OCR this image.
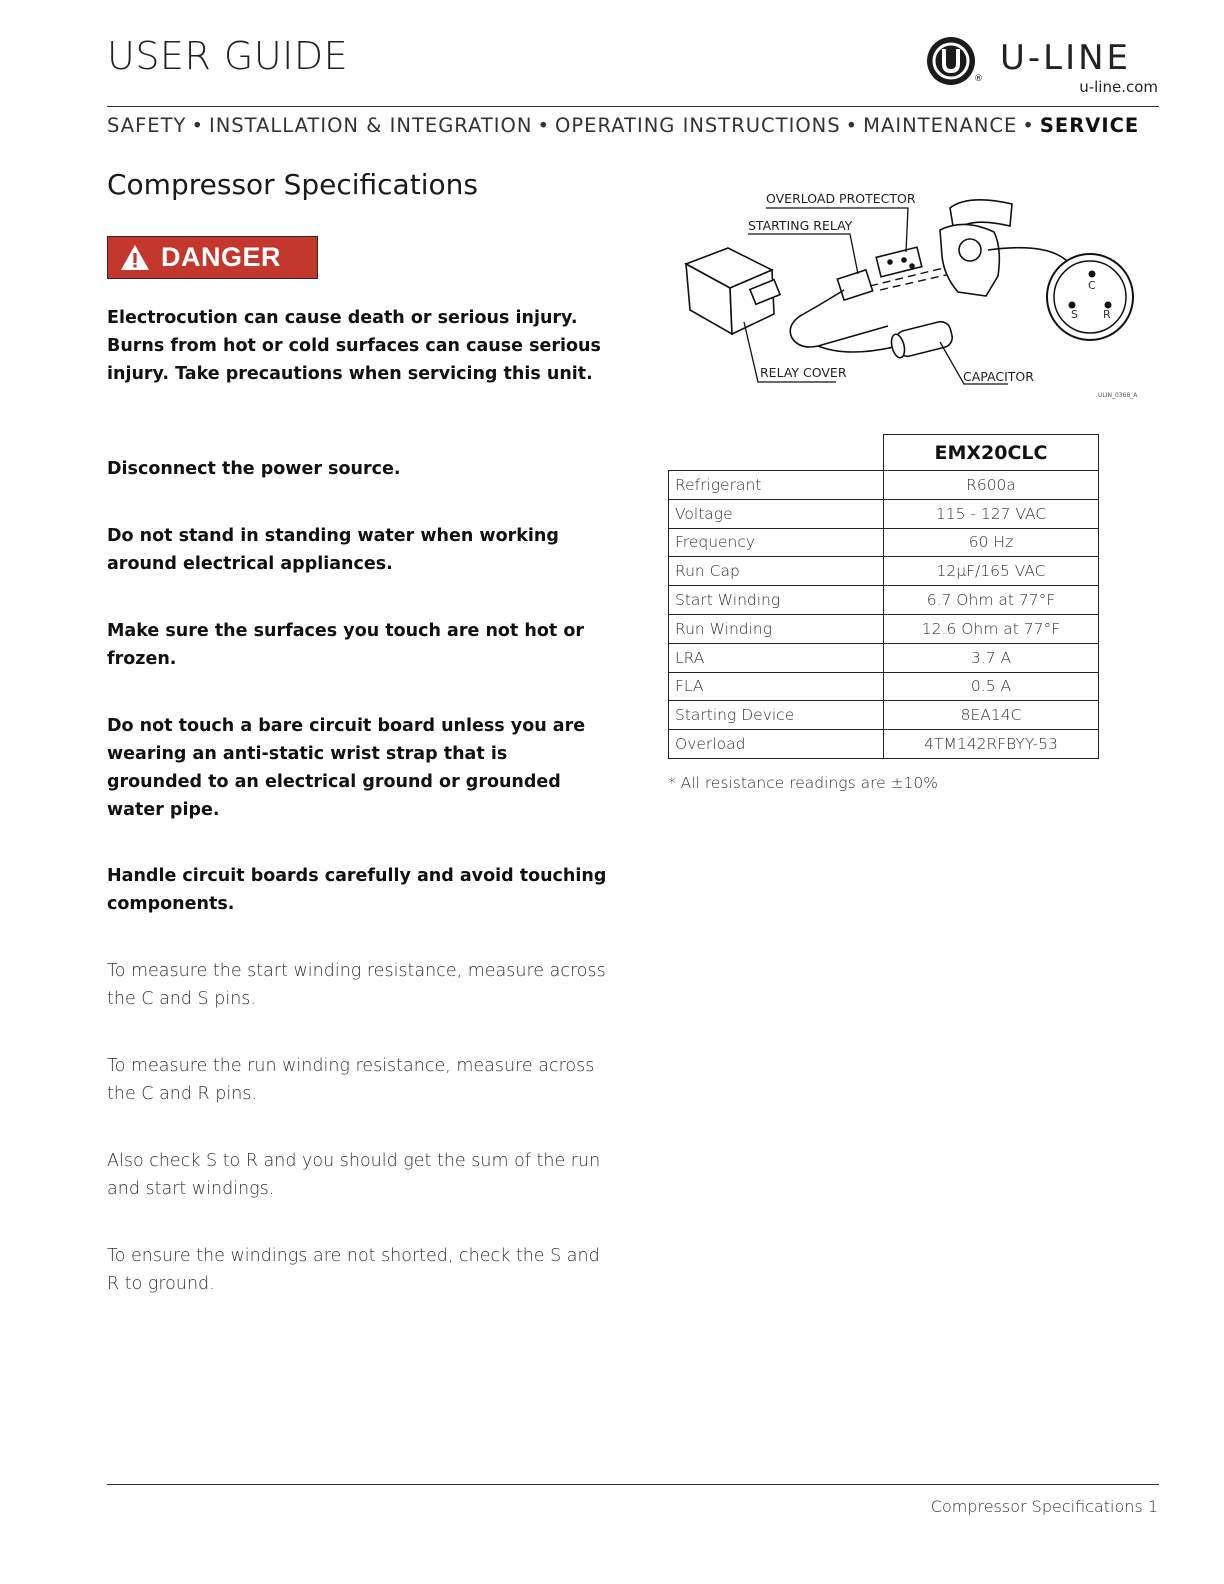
USER GUIDE
®
U-LINE
u-line.com
SAFETY • INSTALLATION & INTEGRATION • OPERATING INSTRUCTIONS • MAINTENANCE • SERVICE
Compressor Specifications
DANGER
Electrocution can cause death or serious injury. Burns from hot or cold surfaces can cause serious injury. Take precautions when servicing this unit.
Disconnect the power source.
Do not stand in standing water when working around electrical appliances.
Make sure the surfaces you touch are not hot or frozen.
Do not touch a bare circuit board unless you are wearing an anti-static wrist strap that is grounded to an electrical ground or grounded water pipe.
Handle circuit boards carefully and avoid touching components.
To measure the start winding resistance, measure across the C and S pins.
To measure the run winding resistance, measure across the C and R pins.
Also check S to R and you should get the sum of the run and start windings.
To ensure the windings are not shorted, check the S and R to ground.
C
S R
OVERLOAD PROTECTOR
STARTING RELAY
RELAY COVER	CAPACITOR
ULIN_0368_A
	EMX20CLC
Refrigerant	R600a
Voltage	115 - 127 VAC
Frequency	60 Hz
Run Cap	12µF/165 VAC
Start Winding	6.7 Ohm at 77°F
Run Winding	12.6 Ohm at 77°F
LRA	3.7 A
FLA	0.5 A
Starting Device	8EA14C
Overload	4TM142RFBYY-53
* All resistance readings are ±10%
Compressor Specifications 1
